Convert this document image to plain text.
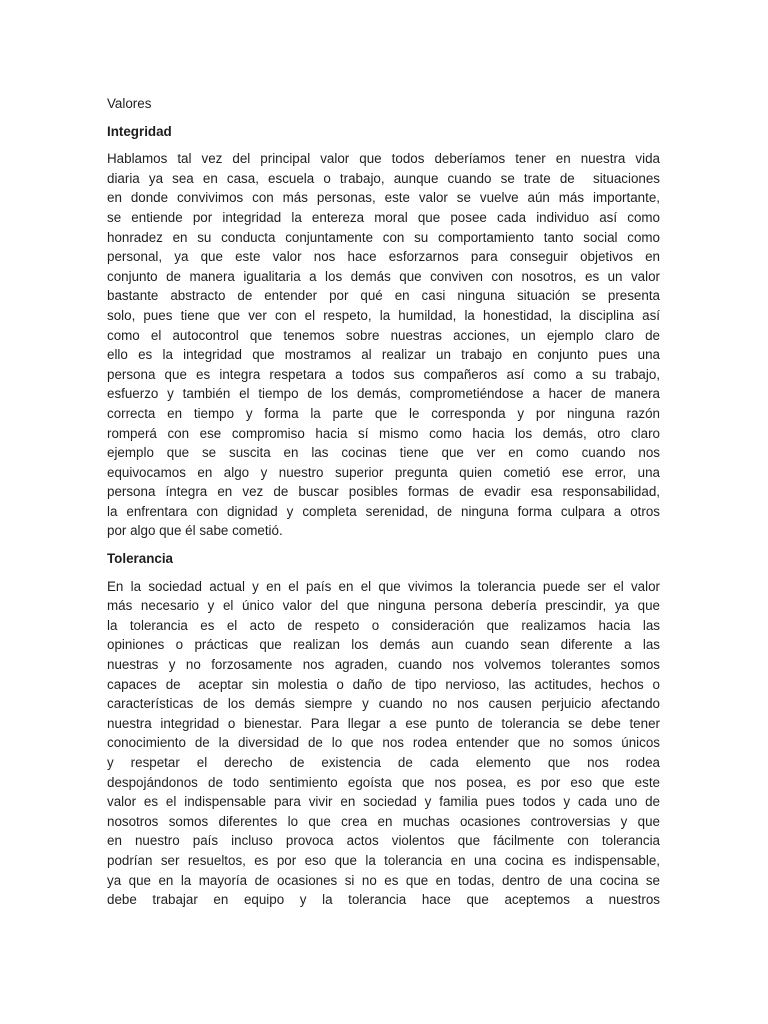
Valores

Integridad

Hablamos tal vez del principal valor que todos deberíamos tener en nuestra vida
diaria ya sea en casa, escuela o trabajo, aunque cuando se trate de  situaciones
en donde convivimos con más personas, este valor se vuelve aún más importante,
se entiende por integridad la entereza moral que posee cada individuo así como
honradez en su conducta conjuntamente con su comportamiento tanto social como
personal, ya que este valor nos hace esforzarnos para conseguir objetivos en
conjunto de manera igualitaria a los demás que conviven con nosotros, es un valor
bastante abstracto de entender por qué en casi ninguna situación se presenta
solo, pues tiene que ver con el respeto, la humildad, la honestidad, la disciplina así
como el autocontrol que tenemos sobre nuestras acciones, un ejemplo claro de
ello es la integridad que mostramos al realizar un trabajo en conjunto pues una
persona que es integra respetara a todos sus compañeros así como a su trabajo,
esfuerzo y también el tiempo de los demás, comprometiéndose a hacer de manera
correcta en tiempo y forma la parte que le corresponda y por ninguna razón
romperá con ese compromiso hacia sí mismo como hacia los demás, otro claro
ejemplo que se suscita en las cocinas tiene que ver en como cuando nos
equivocamos en algo y nuestro superior pregunta quien cometió ese error, una
persona íntegra en vez de buscar posibles formas de evadir esa responsabilidad,
la enfrentara con dignidad y completa serenidad, de ninguna forma culpara a otros
por algo que él sabe cometió.

Tolerancia

En la sociedad actual y en el país en el que vivimos la tolerancia puede ser el valor
más necesario y el único valor del que ninguna persona debería prescindir, ya que
la tolerancia es el acto de respeto o consideración que realizamos hacia las
opiniones o prácticas que realizan los demás aun cuando sean diferente a las
nuestras y no forzosamente nos agraden, cuando nos volvemos tolerantes somos
capaces de  aceptar sin molestia o daño de tipo nervioso, las actitudes, hechos o
características de los demás siempre y cuando no nos causen perjuicio afectando
nuestra integridad o bienestar. Para llegar a ese punto de tolerancia se debe tener
conocimiento de la diversidad de lo que nos rodea entender que no somos únicos
y respetar el derecho de existencia de cada elemento que nos rodea
despojándonos de todo sentimiento egoísta que nos posea, es por eso que este
valor es el indispensable para vivir en sociedad y familia pues todos y cada uno de
nosotros somos diferentes lo que crea en muchas ocasiones controversias y que
en nuestro país incluso provoca actos violentos que fácilmente con tolerancia
podrían ser resueltos, es por eso que la tolerancia en una cocina es indispensable,
ya que en la mayoría de ocasiones si no es que en todas, dentro de una cocina se
debe trabajar en equipo y la tolerancia hace que aceptemos a nuestros
